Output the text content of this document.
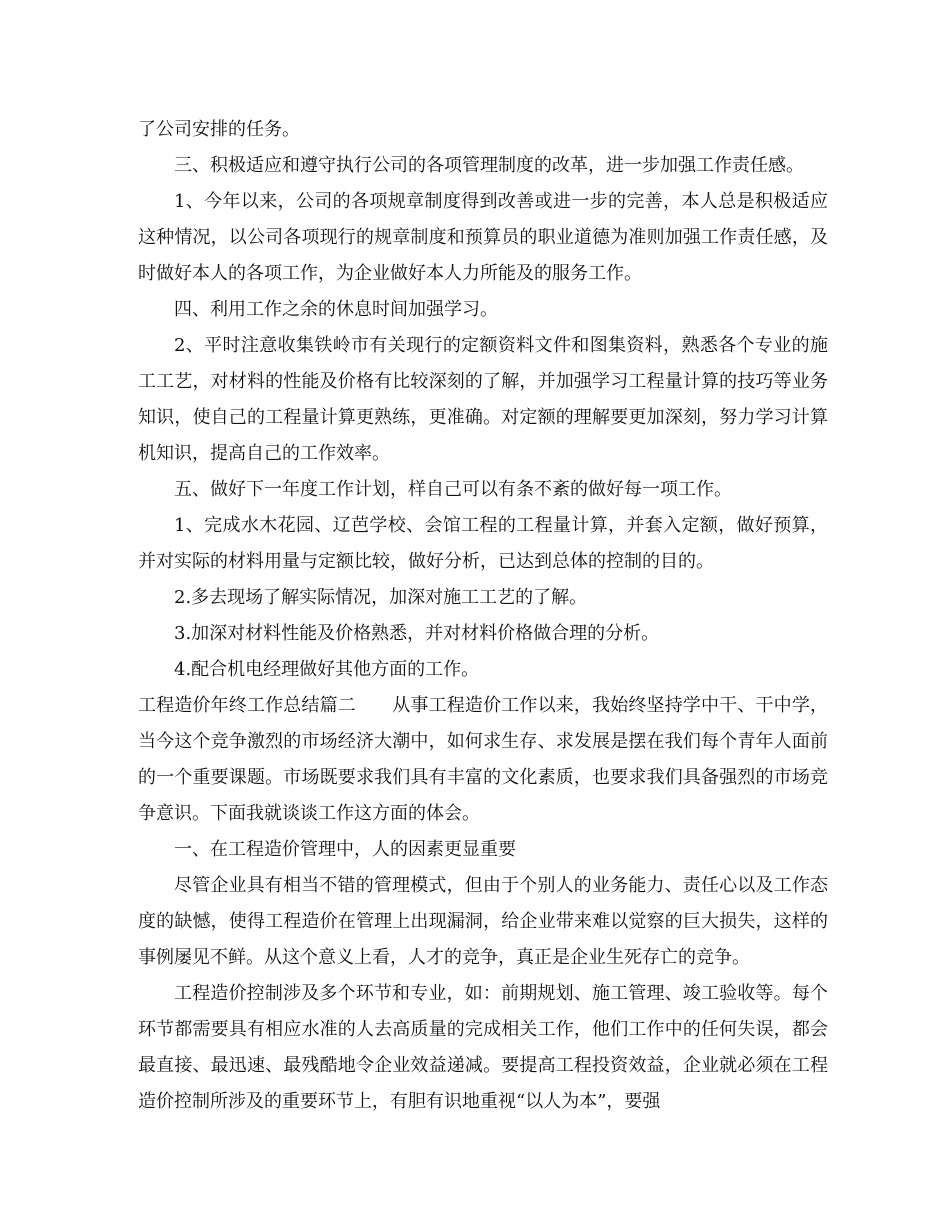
了公司安排的任务。

三、积极适应和遵守执行公司的各项管理制度的改革，进一步加强工作责任感。

1、今年以来，公司的各项规章制度得到改善或进一步的完善，本人总是积极适应这种情况，以公司各项现行的规章制度和预算员的职业道德为准则加强工作责任感，及时做好本人的各项工作，为企业做好本人力所能及的服务工作。

四、利用工作之余的休息时间加强学习。

2、平时注意收集铁岭市有关现行的定额资料文件和图集资料，熟悉各个专业的施工工艺，对材料的性能及价格有比较深刻的了解，并加强学习工程量计算的技巧等业务知识，使自己的工程量计算更熟练，更准确。对定额的理解要更加深刻，努力学习计算机知识，提高自己的工作效率。

五、做好下一年度工作计划，样自己可以有条不紊的做好每一项工作。

1、完成水木花园、辽芭学校、会馆工程的工程量计算，并套入定额，做好预算，并对实际的材料用量与定额比较，做好分析，已达到总体的控制的目的。

2.多去现场了解实际情况，加深对施工工艺的了解。

3.加深对材料性能及价格熟悉，并对材料价格做合理的分析。

4.配合机电经理做好其他方面的工作。

工程造价年终工作总结篇二　　从事工程造价工作以来，我始终坚持学中干、干中学，当今这个竞争激烈的市场经济大潮中，如何求生存、求发展是摆在我们每个青年人面前的一个重要课题。市场既要求我们具有丰富的文化素质，也要求我们具备强烈的市场竞争意识。下面我就谈谈工作这方面的体会。

一、在工程造价管理中，人的因素更显重要

尽管企业具有相当不错的管理模式，但由于个别人的业务能力、责任心以及工作态度的缺憾，使得工程造价在管理上出现漏洞，给企业带来难以觉察的巨大损失，这样的事例屡见不鲜。从这个意义上看，人才的竞争，真正是企业生死存亡的竞争。

工程造价控制涉及多个环节和专业，如：前期规划、施工管理、竣工验收等。每个环节都需要具有相应水准的人去高质量的完成相关工作，他们工作中的任何失误，都会最直接、最迅速、最残酷地令企业效益递减。要提高工程投资效益，企业就必须在工程造价控制所涉及的重要环节上，有胆有识地重视“以人为本”，要强
